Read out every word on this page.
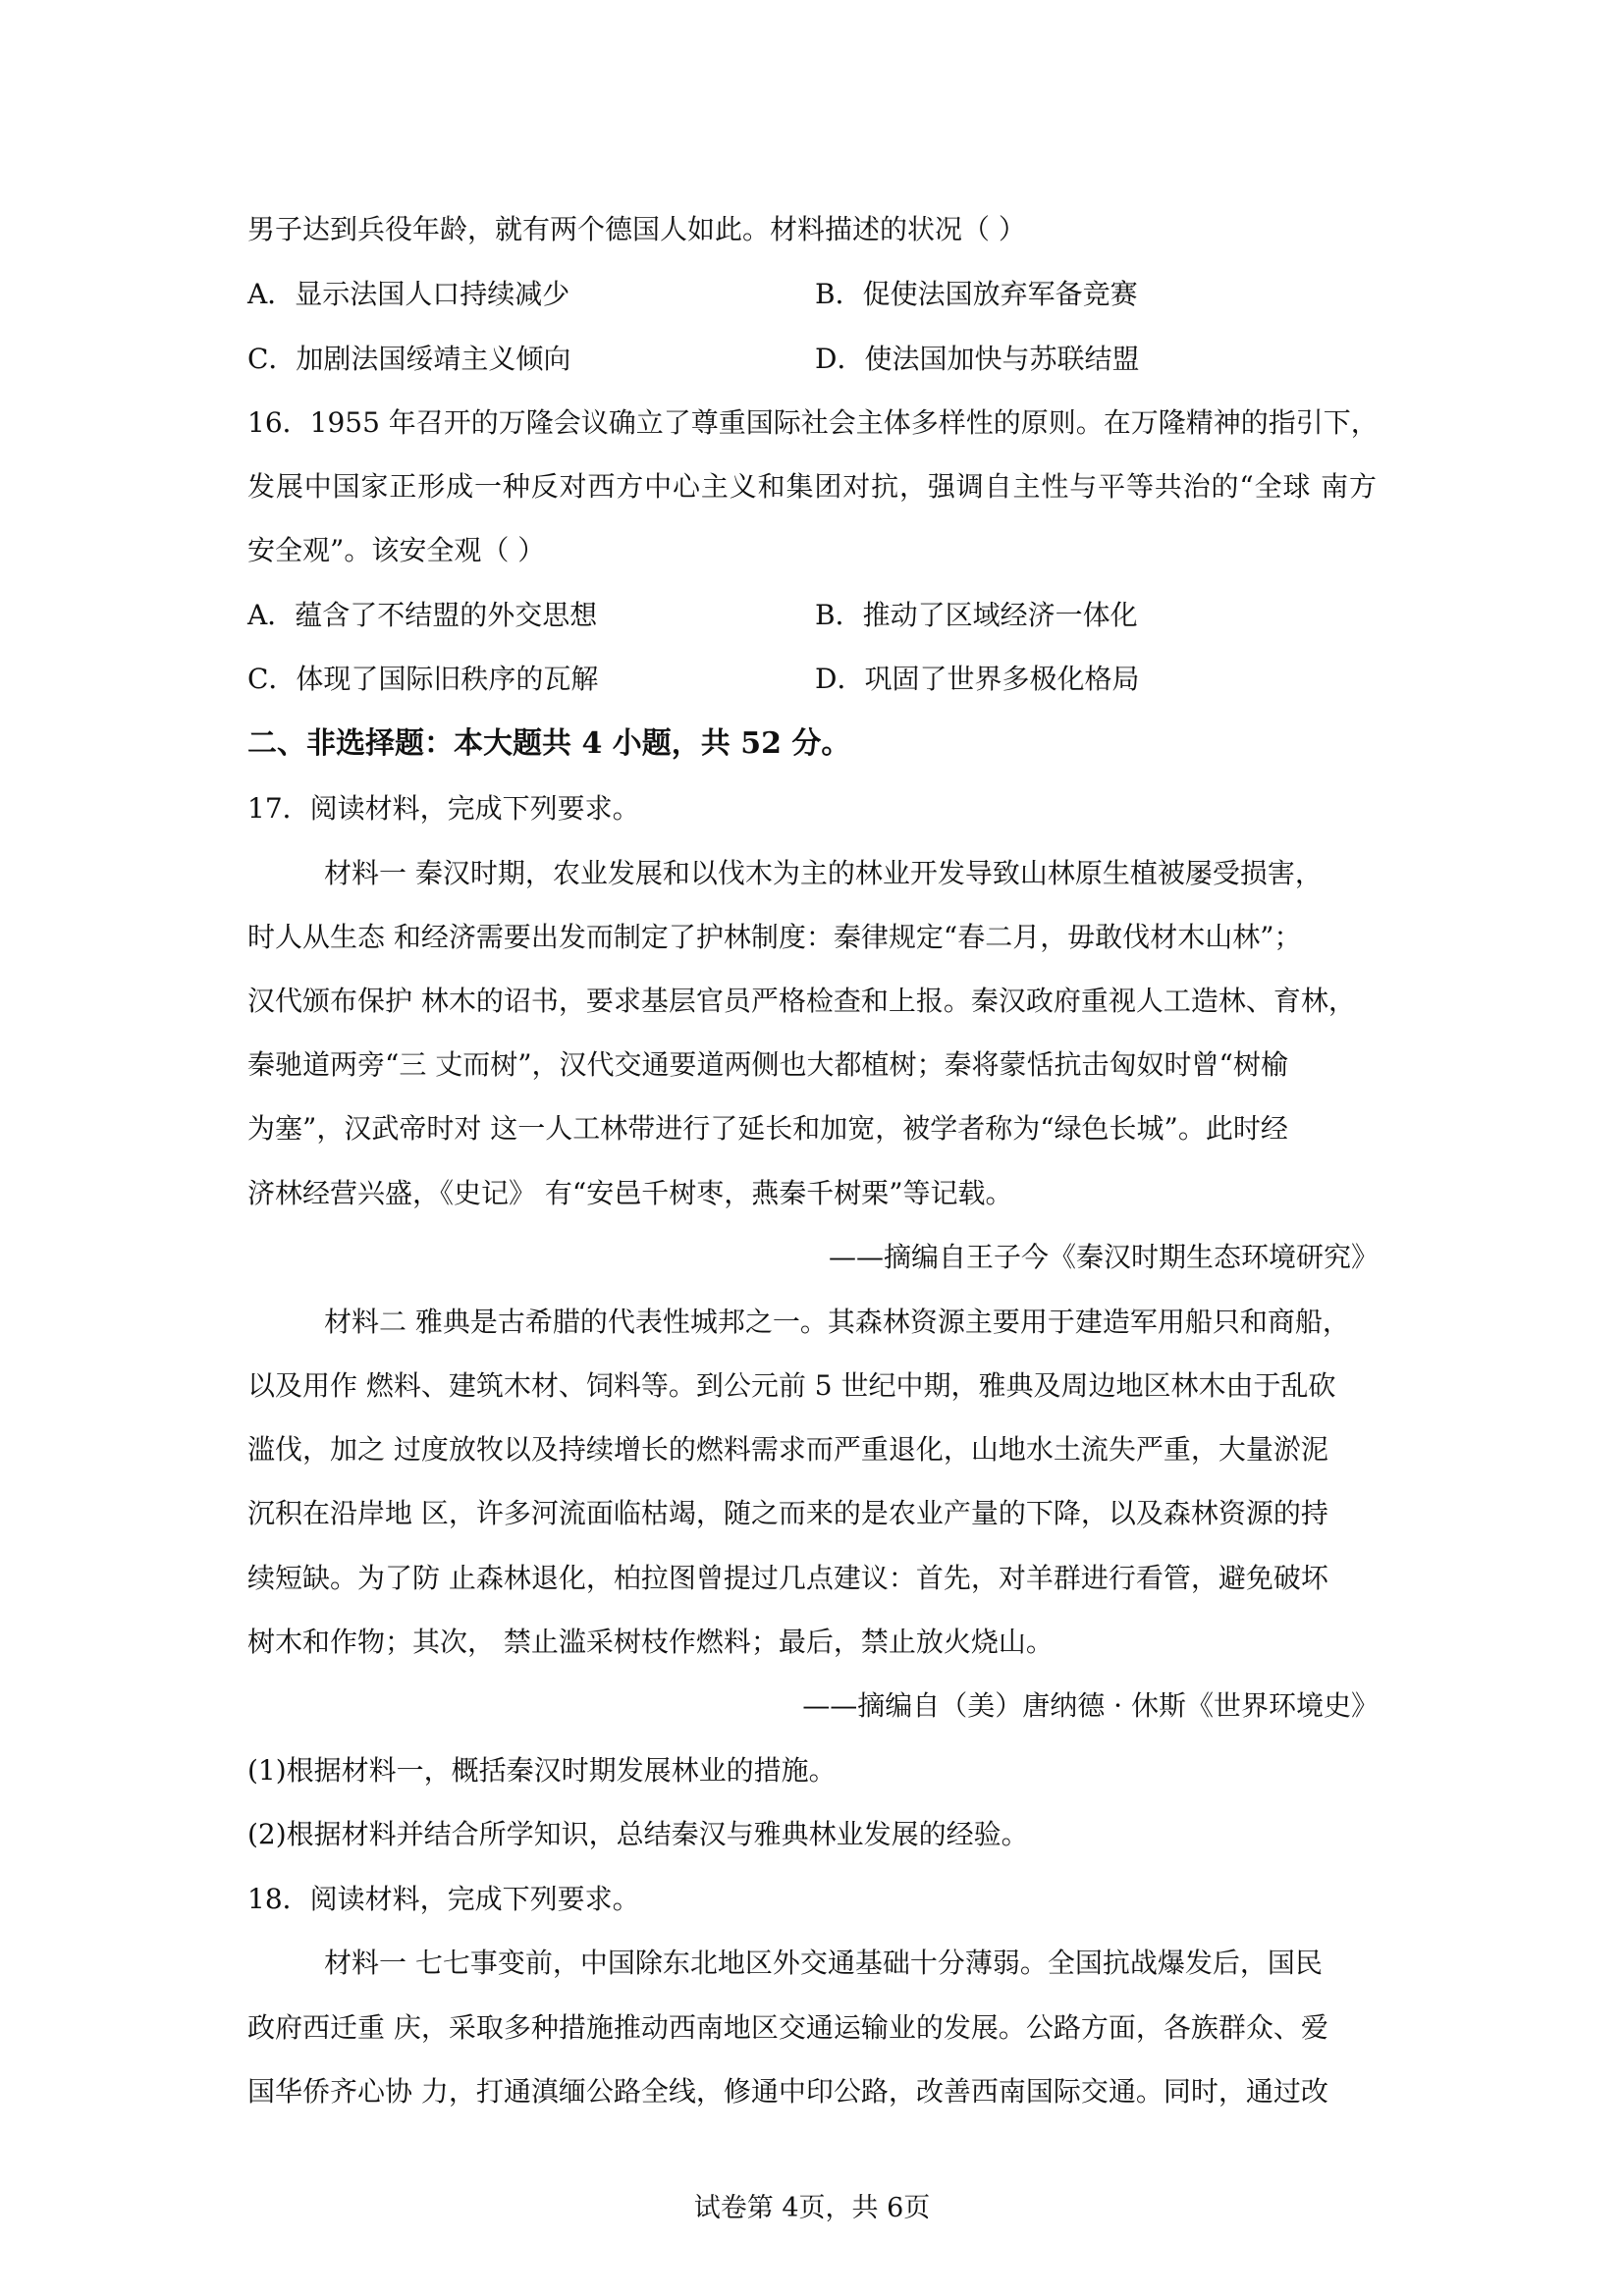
男子达到兵役年龄，就有两个德国人如此。材料描述的状况（ ）
A．显示法国人口持续减少	B．促使法国放弃军备竞赛
C．加剧法国绥靖主义倾向	D．使法国加快与苏联结盟
16．1955 年召开的万隆会议确立了尊重国际社会主体多样性的原则。在万隆精神的指引下，
发展中国家正形成一种反对西方中心主义和集团对抗，强调自主性与平等共治的“全球 南方
安全观”。该安全观（ ）
A．蕴含了不结盟的外交思想	B．推动了区域经济一体化
C．体现了国际旧秩序的瓦解	D．巩固了世界多极化格局
二、非选择题：本大题共 4 小题，共 52 分。
17．阅读材料，完成下列要求。
材料一 秦汉时期，农业发展和以伐木为主的林业开发导致山林原生植被屡受损害，
时人从生态 和经济需要出发而制定了护林制度：秦律规定“春二月，毋敢伐材木山林”；
汉代颁布保护 林木的诏书，要求基层官员严格检查和上报。秦汉政府重视人工造林、育林，
秦驰道两旁“三 丈而树”，汉代交通要道两侧也大都植树；秦将蒙恬抗击匈奴时曾“树榆
为塞”，汉武帝时对 这一人工林带进行了延长和加宽，被学者称为“绿色长城”。此时经
济林经营兴盛，《史记》 有“安邑千树枣，燕秦千树栗”等记载。
——摘编自王子今《秦汉时期生态环境研究》
材料二 雅典是古希腊的代表性城邦之一。其森林资源主要用于建造军用船只和商船，
以及用作 燃料、建筑木材、饲料等。到公元前 5 世纪中期，雅典及周边地区林木由于乱砍
滥伐，加之 过度放牧以及持续增长的燃料需求而严重退化，山地水土流失严重，大量淤泥
沉积在沿岸地 区，许多河流面临枯竭，随之而来的是农业产量的下降，以及森林资源的持
续短缺。为了防 止森林退化，柏拉图曾提过几点建议：首先，对羊群进行看管，避免破坏
树木和作物；其次， 禁止滥采树枝作燃料；最后，禁止放火烧山。
——摘编自（美）唐纳德 · 休斯《世界环境史》
(1)根据材料一，概括秦汉时期发展林业的措施。
(2)根据材料并结合所学知识，总结秦汉与雅典林业发展的经验。
18．阅读材料，完成下列要求。
材料一 七七事变前，中国除东北地区外交通基础十分薄弱。全国抗战爆发后，国民
政府西迁重 庆，采取多种措施推动西南地区交通运输业的发展。公路方面，各族群众、爱
国华侨齐心协 力，打通滇缅公路全线，修通中印公路，改善西南国际交通。同时，通过改
试卷第 4页，共 6页
